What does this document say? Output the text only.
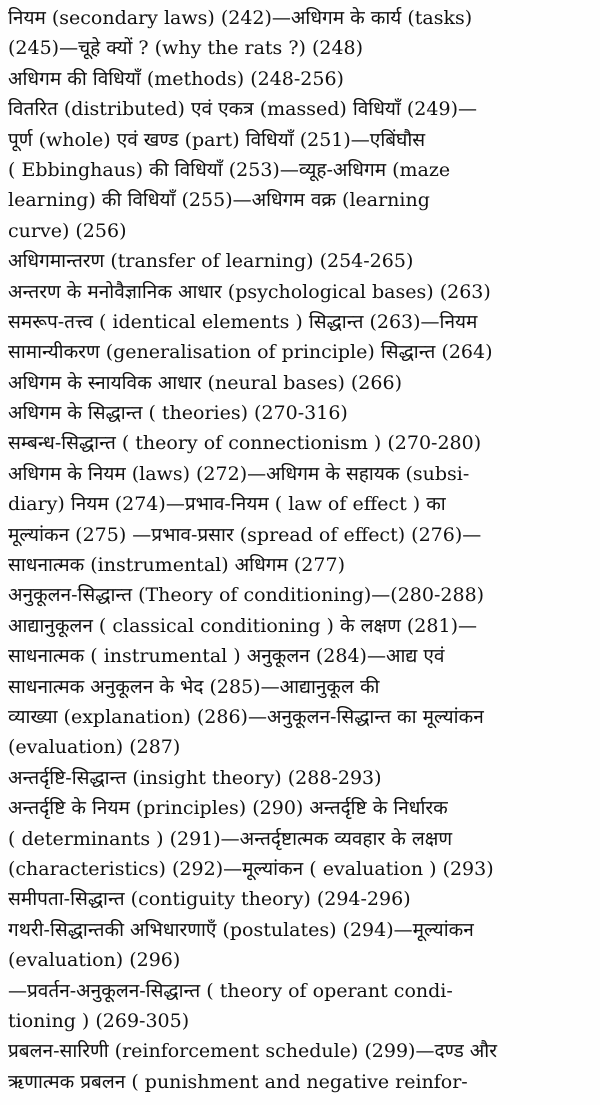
नियम (secondary laws) (242)—अधिगम के कार्य (tasks)
(245)—चूहे क्यों ? (why the rats ?) (248)
अधिगम की विधियाँ (methods) (248-256)
वितरित (distributed) एवं एकत्र (massed) विधियाँ (249)—
पूर्ण (whole) एवं खण्ड (part) विधियाँ (251)—एबिंघौस
( Ebbinghaus) की विधियाँ (253)—व्यूह-अधिगम (maze
learning) की विधियाँ (255)—अधिगम वक्र (learning
curve) (256)
अधिगमान्तरण (transfer of learning) (254-265)
अन्तरण के मनोवैज्ञानिक आधार (psychological bases) (263)
समरूप-तत्त्व ( identical elements ) सिद्धान्त (263)—नियम
सामान्यीकरण (generalisation of principle) सिद्धान्त (264)
अधिगम के स्नायविक आधार (neural bases) (266)
अधिगम के सिद्धान्त ( theories) (270-316)
सम्बन्ध-सिद्धान्त ( theory of connectionism ) (270-280)
अधिगम के नियम (laws) (272)—अधिगम के सहायक (subsi-
diary) नियम (274)—प्रभाव-नियम ( law of effect ) का
मूल्यांकन (275) —प्रभाव-प्रसार (spread of effect) (276)—
साधनात्मक (instrumental) अधिगम (277)
अनुकूलन-सिद्धान्त (Theory of conditioning)—(280-288)
आद्यानुकूलन ( classical conditioning ) के लक्षण (281)—
साधनात्मक ( instrumental ) अनुकूलन (284)—आद्य एवं
साधनात्मक अनुकूलन के भेद (285)—आद्यानुकूल की
व्याख्या (explanation) (286)—अनुकूलन-सिद्धान्त का मूल्यांकन
(evaluation) (287)
अन्तर्दृष्टि-सिद्धान्त (insight theory) (288-293)
अन्तर्दृष्टि के नियम (principles) (290) अन्तर्दृष्टि के निर्धारक
( determinants ) (291)—अन्तर्दृष्टात्मक व्यवहार के लक्षण
(characteristics) (292)—मूल्यांकन ( evaluation ) (293)
समीपता-सिद्धान्त (contiguity theory) (294-296)
गथरी-सिद्धान्तकी अभिधारणाएँ (postulates) (294)—मूल्यांकन
(evaluation) (296)
—प्रवर्तन-अनुकूलन-सिद्धान्त ( theory of operant condi-
tioning ) (269-305)
प्रबलन-सारिणी (reinforcement schedule) (299)—दण्ड और
ऋणात्मक प्रबलन ( punishment and negative reinfor-
